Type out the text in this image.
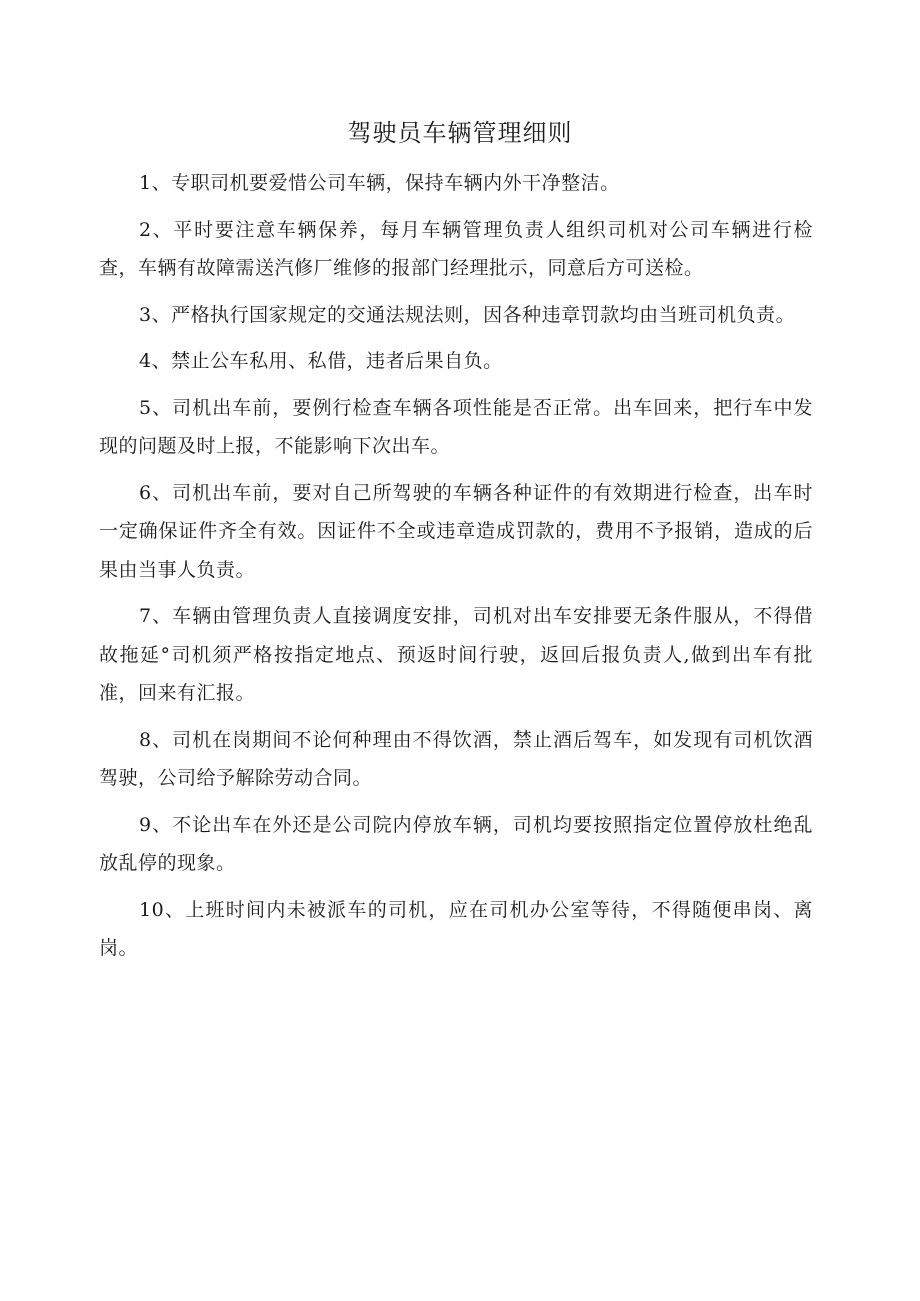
驾驶员车辆管理细则

1、专职司机要爱惜公司车辆，保持车辆内外干净整洁。

2、平时要注意车辆保养，每月车辆管理负责人组织司机对公司车辆进行检查，车辆有故障需送汽修厂维修的报部门经理批示，同意后方可送检。

3、严格执行国家规定的交通法规法则，因各种违章罚款均由当班司机负责。

4、禁止公车私用、私借，违者后果自负。

5、司机出车前，要例行检查车辆各项性能是否正常。出车回来，把行车中发现的问题及时上报，不能影响下次出车。

6、司机出车前，要对自己所驾驶的车辆各种证件的有效期进行检查，出车时一定确保证件齐全有效。因证件不全或违章造成罚款的，费用不予报销，造成的后果由当事人负责。

7、车辆由管理负责人直接调度安排，司机对出车安排要无条件服从，不得借故拖延°司机须严格按指定地点、预返时间行驶，返回后报负责人,做到出车有批准，回来有汇报。

8、司机在岗期间不论何种理由不得饮酒，禁止酒后驾车，如发现有司机饮酒驾驶，公司给予解除劳动合同。

9、不论出车在外还是公司院内停放车辆，司机均要按照指定位置停放杜绝乱放乱停的现象。

10、上班时间内未被派车的司机，应在司机办公室等待，不得随便串岗、离岗。
